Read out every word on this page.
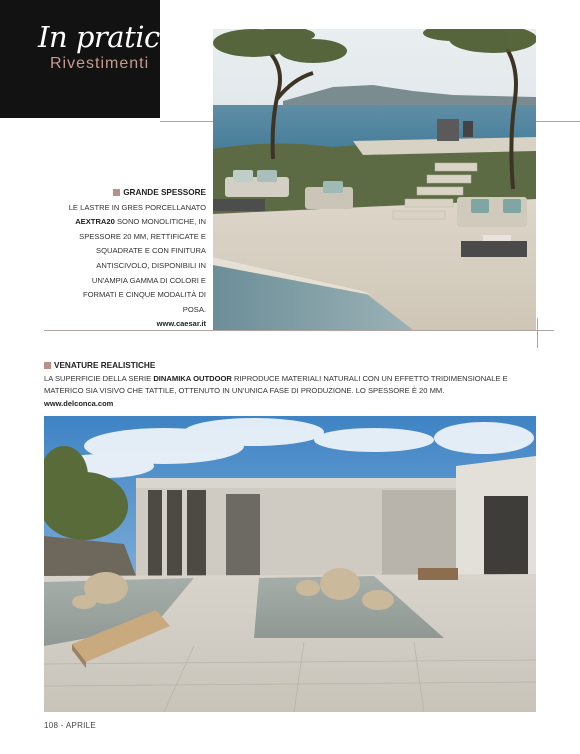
In pratica
Rivestimenti
GRANDE SPESSORE
LE LASTRE IN GRES PORCELLANATO AEXTRA20 SONO MONOLITICHE, IN SPESSORE 20 MM, RETTIFICATE E SQUADRATE E CON FINITURA ANTISCIVOLO, DISPONIBILI IN UN'AMPIA GAMMA DI COLORI E FORMATI E CINQUE MODALITÀ DI POSA.
www.caesar.it
VENATURE REALISTICHE
LA SUPERFICIE DELLA SERIE DINAMIKA OUTDOOR RIPRODUCE MATERIALI NATURALI CON UN EFFETTO TRIDIMENSIONALE E MATERICO SIA VISIVO CHE TATTILE, OTTENUTO IN UN'UNICA FASE DI PRODUZIONE. LO SPESSORE È 20 MM.
www.delconca.com
108 - APRILE
